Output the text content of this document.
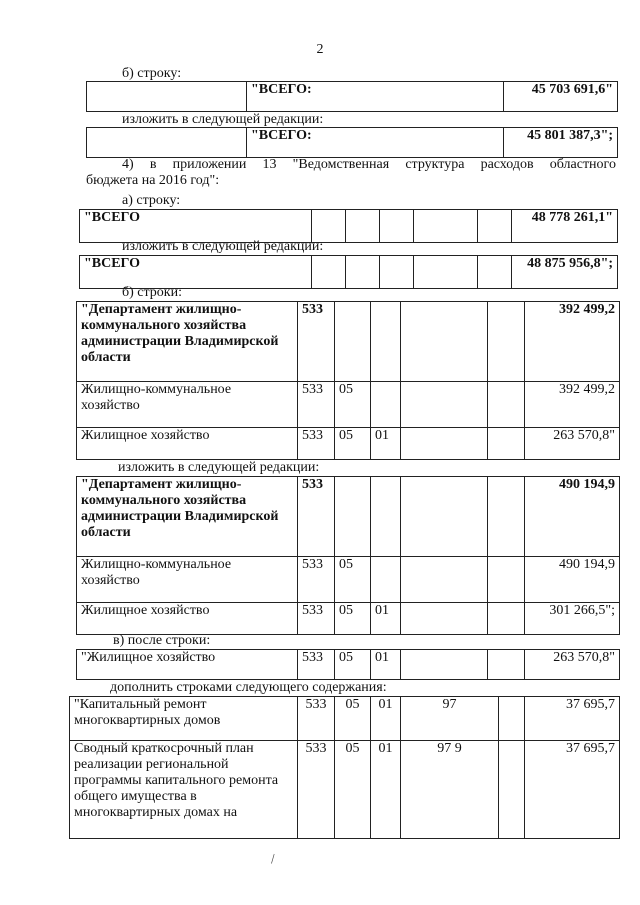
2
б) строку:
	"ВСЕГО:	45 703 691,6"
изложить в следующей редакции:
	"ВСЕГО:	45 801 387,3";
4) в приложении 13 "Ведомственная структура расходов областного
бюджета на 2016 год":
а) строку:
"ВСЕГО						48 778 261,1"
изложить в следующей редакции:
"ВСЕГО						48 875 956,8";
б) строки:
"Департамент жилищно-коммунального хозяйства администрации Владимирской области	533					392 499,2
Жилищно-коммунальное хозяйство	533	05				392 499,2
Жилищное хозяйство	533	05	01			263 570,8"
изложить в следующей редакции:
"Департамент жилищно-коммунального хозяйства администрации Владимирской области	533					490 194,9
Жилищно-коммунальное хозяйство	533	05				490 194,9
Жилищное хозяйство	533	05	01			301 266,5";
в) после строки:
"Жилищное хозяйство	533	05	01			263 570,8"
дополнить строками следующего содержания:
"Капитальный ремонт многоквартирных домов	533	05	01	97		37 695,7
Сводный краткосрочный план реализации региональной программы капитального ремонта общего имущества в многоквартирных домах на	533	05	01	97 9		37 695,7
\
